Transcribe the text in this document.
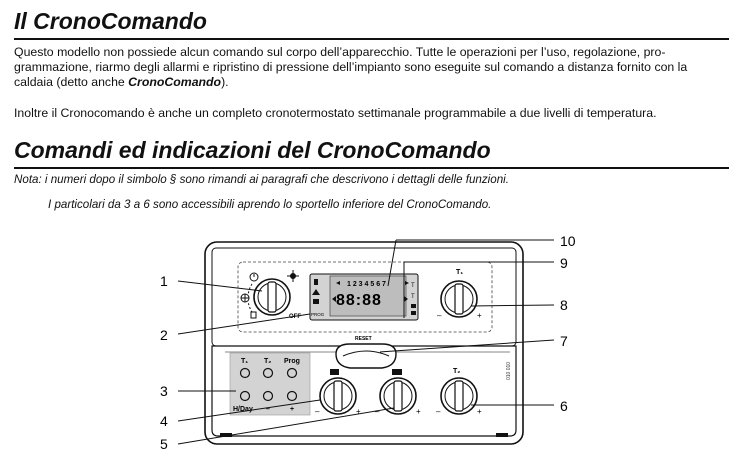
Il CronoComando
Questo modello non possiede alcun comando sul corpo dell’apparecchio. Tutte le operazioni per l’uso, regolazione, pro-grammazione, riarmo degli allarmi e ripristino di pressione dell’impianto sono eseguite sul comando a distanza fornito con la caldaia (detto anche CronoComando).
Inoltre il Cronocomando è anche un completo cronotermostato settimanale programmabile a due livelli di temperatura.
Comandi ed indicazioni del CronoComando
Nota: i numeri dopo il simbolo § sono rimandi ai paragrafi che descrivono i dettagli delle funzioni.
I particolari da 3 a 6 sono accessibili aprendo lo sportello inferiore del CronoComando.
010 010
OFF
1 2 3 4 5 6 7
88:88
PROG
T
T
T₁
–	+
RESET
T₁ T₂ Prog
H/Day –	+	–	+ –	+
T₂
–	+
1
2
3
4
5
6
7
8
9
10
